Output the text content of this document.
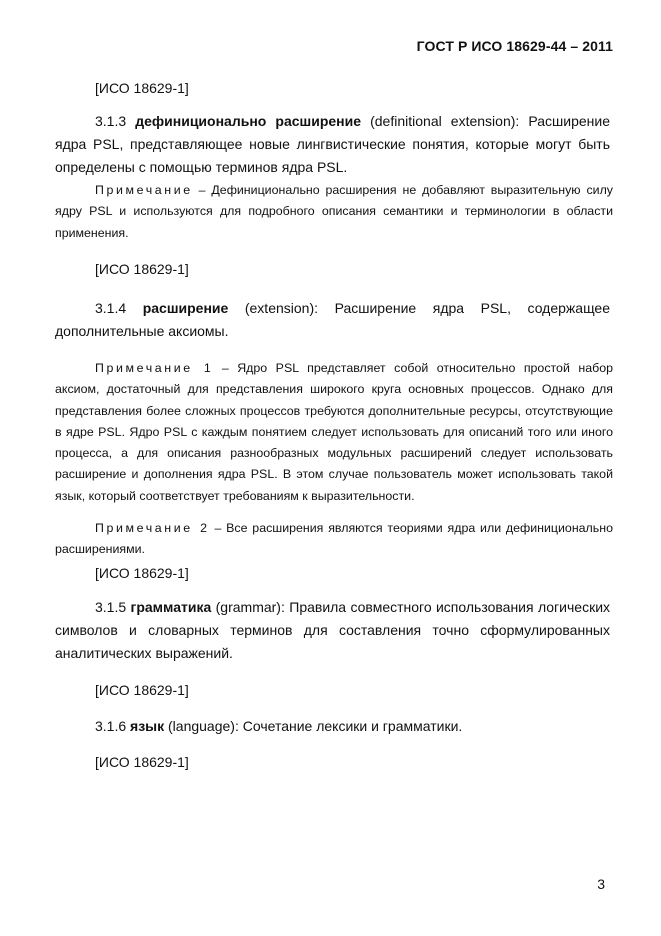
ГОСТ Р ИСО 18629-44 – 2011
[ИСО 18629-1]

3.1.3 дефиниционально расширение (definitional extension): Расширение ядра PSL, представляющее новые лингвистические понятия, которые могут быть определены с помощью терминов ядра PSL.

Примечание – Дефиниционально расширения не добавляют выразительную силу ядру PSL и используются для подробного описания семантики и терминологии в области применения.

[ИСО 18629-1]

3.1.4 расширение (extension): Расширение ядра PSL, содержащее дополнительные аксиомы.

Примечание 1 – Ядро PSL представляет собой относительно простой набор аксиом, достаточный для представления широкого круга основных процессов. Однако для представления более сложных процессов требуются дополнительные ресурсы, отсутствующие в ядре PSL. Ядро PSL с каждым понятием следует использовать для описаний того или иного процесса, а для описания разнообразных модульных расширений следует использовать расширение и дополнения ядра PSL. В этом случае пользователь может использовать такой язык, который соответствует требованиям к выразительности.

Примечание 2 – Все расширения являются теориями ядра или дефиниционально расширениями.

[ИСО 18629-1]

3.1.5 грамматика (grammar): Правила совместного использования логических символов и словарных терминов для составления точно сформулированных аналитических выражений.

[ИСО 18629-1]

3.1.6 язык (language): Сочетание лексики и грамматики.

[ИСО 18629-1]
3
